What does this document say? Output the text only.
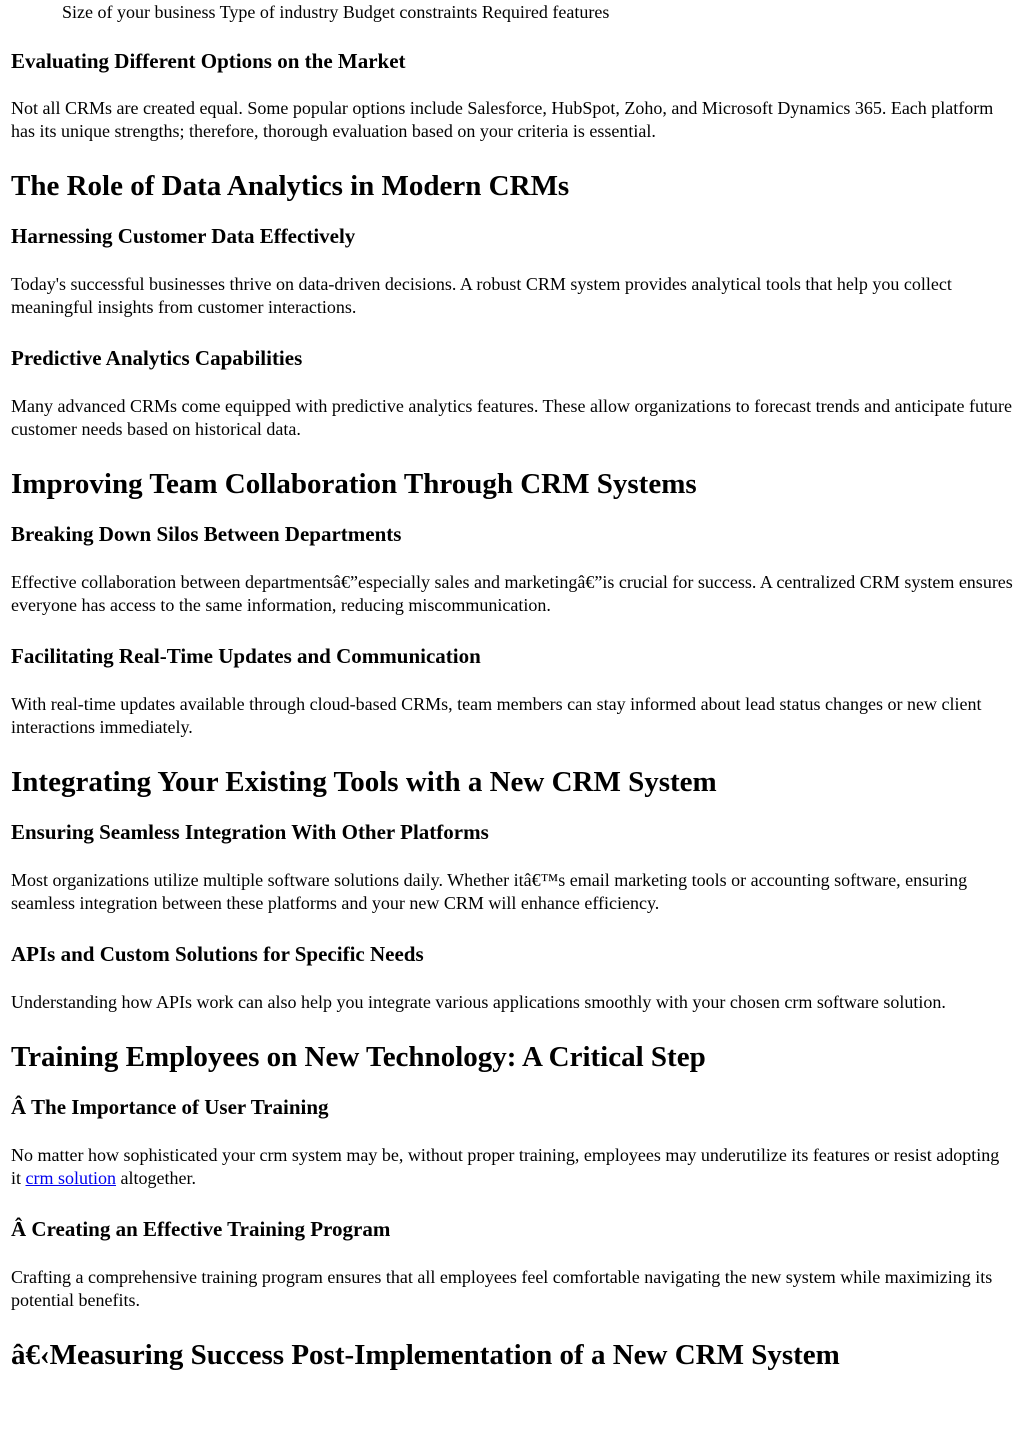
Size of your business Type of industry Budget constraints Required features
Evaluating Different Options on the Market

Not all CRMs are created equal. Some popular options include Salesforce, HubSpot, Zoho, and Microsoft Dynamics 365. Each platform has its unique strengths; therefore, thorough evaluation based on your criteria is essential.

The Role of Data Analytics in Modern CRMs
Harnessing Customer Data Effectively

Today's successful businesses thrive on data-driven decisions. A robust CRM system provides analytical tools that help you collect meaningful insights from customer interactions.

Predictive Analytics Capabilities

Many advanced CRMs come equipped with predictive analytics features. These allow organizations to forecast trends and anticipate future customer needs based on historical data.

Improving Team Collaboration Through CRM Systems
Breaking Down Silos Between Departments

Effective collaboration between departmentsâ€”especially sales and marketingâ€”is crucial for success. A centralized CRM system ensures everyone has access to the same information, reducing miscommunication.

Facilitating Real-Time Updates and Communication

With real-time updates available through cloud-based CRMs, team members can stay informed about lead status changes or new client interactions immediately.

Integrating Your Existing Tools with a New CRM System
Ensuring Seamless Integration With Other Platforms

Most organizations utilize multiple software solutions daily. Whether itâ€™s email marketing tools or accounting software, ensuring seamless integration between these platforms and your new CRM will enhance efficiency.

APIs and Custom Solutions for Specific Needs

Understanding how APIs work can also help you integrate various applications smoothly with your chosen crm software solution.

Training Employees on New Technology: A Critical Step
Â The Importance of User Training

No matter how sophisticated your crm system may be, without proper training, employees may underutilize its features or resist adopting it crm solution altogether.

Â Creating an Effective Training Program

Crafting a comprehensive training program ensures that all employees feel comfortable navigating the new system while maximizing its potential benefits.

â€‹Measuring Success Post-Implementation of a New CRM System
